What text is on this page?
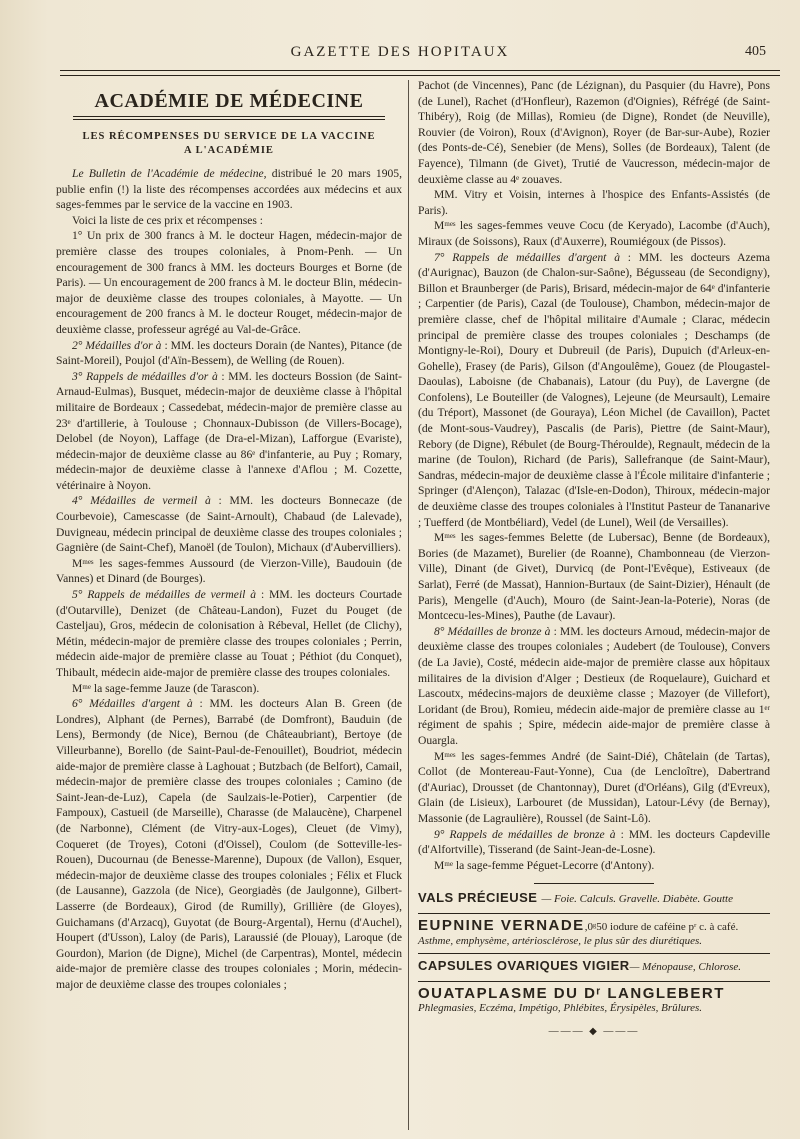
GAZETTE DES HOPITAUX	405
ACADÉMIE DE MÉDECINE
LES RÉCOMPENSES DU SERVICE DE LA VACCINE
A L'ACADÉMIE

Le Bulletin de l'Académie de médecine, distribué le 20 mars 1905, publie enfin (!) la liste des récompenses accordées aux médecins et aux sages-femmes par le service de la vaccine en 1903.

Voici la liste de ces prix et récompenses :

1° Un prix de 300 francs à M. le docteur Hagen, médecin-major de première classe des troupes coloniales, à Pnom-Penh. — Un encouragement de 300 francs à MM. les docteurs Bourges et Borne (de Paris). — Un encouragement de 200 francs à M. le docteur Blin, médecin-major de deuxième classe des troupes coloniales, à Mayotte. — Un encouragement de 200 francs à M. le docteur Rouget, médecin-major de deuxième classe, professeur agrégé au Val-de-Grâce.

2° Médailles d'or à : MM. les docteurs Dorain (de Nantes), Pitance (de Saint-Moreil), Poujol (d'Aïn-Bessem), de Welling (de Rouen).

3° Rappels de médailles d'or à : MM. les docteurs Bossion (de Saint-Arnaud-Eulmas), Busquet, médecin-major de deuxième classe à l'hôpital militaire de Bordeaux ; Cassedebat, médecin-major de première classe au 23ᵉ d'artillerie, à Toulouse ; Chonnaux-Dubisson (de Villers-Bocage), Delobel (de Noyon), Laffage (de Dra-el-Mizan), Lafforgue (Evariste), médecin-major de deuxième classe au 86ᵉ d'infanterie, au Puy ; Romary, médecin-major de deuxième classe à l'annexe d'Aflou ; M. Cozette, vétérinaire à Noyon.

4° Médailles de vermeil à : MM. les docteurs Bonnecaze (de Courbevoie), Camescasse (de Saint-Arnoult), Chabaud (de Lalevade), Duvigneau, médecin principal de deuxième classe des troupes coloniales ; Gagnière (de Saint-Chef), Manoël (de Toulon), Michaux (d'Aubervilliers).

Mᵐᵉˢ les sages-femmes Aussourd (de Vierzon-Ville), Baudouin (de Vannes) et Dinard (de Bourges).

5° Rappels de médailles de vermeil à : MM. les docteurs Courtade (d'Outarville), Denizet (de Château-Landon), Fuzet du Pouget (de Casteljau), Gros, médecin de colonisation à Rébeval, Hellet (de Clichy), Métin, médecin-major de première classe des troupes coloniales ; Perrin, médecin aide-major de première classe au Touat ; Péthiot (du Conquet), Thibault, médecin aide-major de première classe des troupes coloniales.

Mᵐᵉ la sage-femme Jauze (de Tarascon).

6° Médailles d'argent à : MM. les docteurs Alan B. Green (de Londres), Alphant (de Pernes), Barrabé (de Domfront), Bauduin (de Lens), Bermondy (de Nice), Bernou (de Châteaubriant), Bertoye (de Villeurbanne), Borello (de Saint-Paul-de-Fenouillet), Boudriot, médecin aide-major de première classe à Laghouat ; Butzbach (de Belfort), Camail, médecin-major de première classe des troupes coloniales ; Camino (de Saint-Jean-de-Luz), Capela (de Saulzais-le-Potier), Carpentier (de Fampoux), Castueil (de Marseille), Charasse (de Malaucène), Charpenel (de Narbonne), Clément (de Vitry-aux-Loges), Cleuet (de Vimy), Coqueret (de Troyes), Cotoni (d'Oissel), Coulom (de Sotteville-les-Rouen), Ducournau (de Benesse-Marenne), Dupoux (de Vallon), Esquer, médecin-major de deuxième classe des troupes coloniales ; Félix et Fluck (de Lausanne), Gazzola (de Nice), Georgiadès (de Jaulgonne), Gilbert-Lasserre (de Bordeaux), Girod (de Rumilly), Grillière (de Gloyes), Guichamans (d'Arzacq), Guyotat (de Bourg-Argental), Hernu (d'Auchel), Houpert (d'Usson), Laloy (de Paris), Laraussié (de Plouay), Laroque (de Gourdon), Marion (de Digne), Michel (de Carpentras), Montel, médecin aide-major de première classe des troupes coloniales ; Morin, médecin-major de deuxième classe des troupes coloniales ;

Pachot (de Vincennes), Panc (de Lézignan), du Pasquier (du Havre), Pons (de Lunel), Rachet (d'Honfleur), Razemon (d'Oignies), Réfrégé (de Saint-Thibéry), Roig (de Millas), Romieu (de Digne), Rondet (de Neuville), Rouvier (de Voiron), Roux (d'Avignon), Royer (de Bar-sur-Aube), Rozier (des Ponts-de-Cé), Senebier (de Mens), Solles (de Bordeaux), Talent (de Fayence), Tilmann (de Givet), Trutié de Vaucresson, médecin-major de deuxième classe au 4ᵉ zouaves.

MM. Vitry et Voisin, internes à l'hospice des Enfants-Assistés (de Paris).

Mᵐᵉˢ les sages-femmes veuve Cocu (de Keryado), Lacombe (d'Auch), Miraux (de Soissons), Raux (d'Auxerre), Roumiégoux (de Pissos).

7° Rappels de médailles d'argent à : MM. les docteurs Azema (d'Aurignac), Bauzon (de Chalon-sur-Saône), Bégusseau (de Secondigny), Billon et Braunberger (de Paris), Brisard, médecin-major de 64ᵉ d'infanterie ; Carpentier (de Paris), Cazal (de Toulouse), Chambon, médecin-major de première classe, chef de l'hôpital militaire d'Aumale ; Clarac, médecin principal de première classe des troupes coloniales ; Deschamps (de Montigny-le-Roi), Doury et Dubreuil (de Paris), Dupuich (d'Arleux-en-Gohelle), Frasey (de Paris), Gilson (d'Angoulême), Gouez (de Plougastel-Daoulas), Laboisne (de Chabanais), Latour (du Puy), de Lavergne (de Confolens), Le Bouteiller (de Valognes), Lejeune (de Meursault), Lemaire (du Tréport), Massonet (de Gouraya), Léon Michel (de Cavaillon), Pactet (de Mont-sous-Vaudrey), Pascalis (de Paris), Piettre (de Saint-Maur), Rebory (de Digne), Rébulet (de Bourg-Théroulde), Regnault, médecin de la marine (de Toulon), Richard (de Paris), Sallefranque (de Saint-Maur), Sandras, médecin-major de deuxième classe à l'École militaire d'infanterie ; Springer (d'Alençon), Talazac (d'Isle-en-Dodon), Thiroux, médecin-major de deuxième classe des troupes coloniales à l'Institut Pasteur de Tananarive ; Tuefferd (de Montbéliard), Vedel (de Lunel), Weil (de Versailles).

Mᵐᵉˢ les sages-femmes Belette (de Lubersac), Benne (de Bordeaux), Bories (de Mazamet), Burelier (de Roanne), Chambonneau (de Vierzon-Ville), Dinant (de Givet), Durvicq (de Pont-l'Evêque), Estiveaux (de Sarlat), Ferré (de Massat), Hannion-Burtaux (de Saint-Dizier), Hénault (de Paris), Mengelle (d'Auch), Mouro (de Saint-Jean-la-Poterie), Noras (de Montcecu-les-Mines), Pauthe (de Lavaur).

8° Médailles de bronze à : MM. les docteurs Arnoud, médecin-major de deuxième classe des troupes coloniales ; Audebert (de Toulouse), Convers (de La Javie), Costé, médecin aide-major de première classe aux hôpitaux militaires de la division d'Alger ; Destieux (de Roquelaure), Guichard et Lascoutx, médecins-majors de deuxième classe ; Mazoyer (de Villefort), Loridant (de Brou), Romieu, médecin aide-major de première classe au 1ᵉʳ régiment de spahis ; Spire, médecin aide-major de première classe à Ouargla.

Mᵐᵉˢ les sages-femmes André (de Saint-Dié), Châtelain (de Tartas), Collot (de Montereau-Faut-Yonne), Cua (de Lencloître), Dabertrand (d'Auriac), Drousset (de Chantonnay), Duret (d'Orléans), Gilg (d'Evreux), Glain (de Lisieux), Larbouret (de Mussidan), Latour-Lévy (de Bernay), Massonie (de Lagraulière), Roussel (de Saint-Lô).

9° Rappels de médailles de bronze à : MM. les docteurs Capdeville (d'Alfortville), Tisserand (de Saint-Jean-de-Losne).

Mᵐᵉ la sage-femme Péguet-Lecorre (d'Antony).

VALS PRÉCIEUSE — Foie. Calculs. Gravelle. Diabète. Goutte
EUPNINE VERNADE,0ᵍ50 iodure de caféine pʳ c. à café.
Asthme, emphysème, artériosclérose, le plus sûr des diurétiques.
CAPSULES OVARIQUES VIGIER— Ménopause, Chlorose.
OUATAPLASME DU Dʳ LANGLEBERT
Phlegmasies, Eczéma, Impétigo, Phlébites, Érysipèles, Brûlures.
——— ◆ ———
